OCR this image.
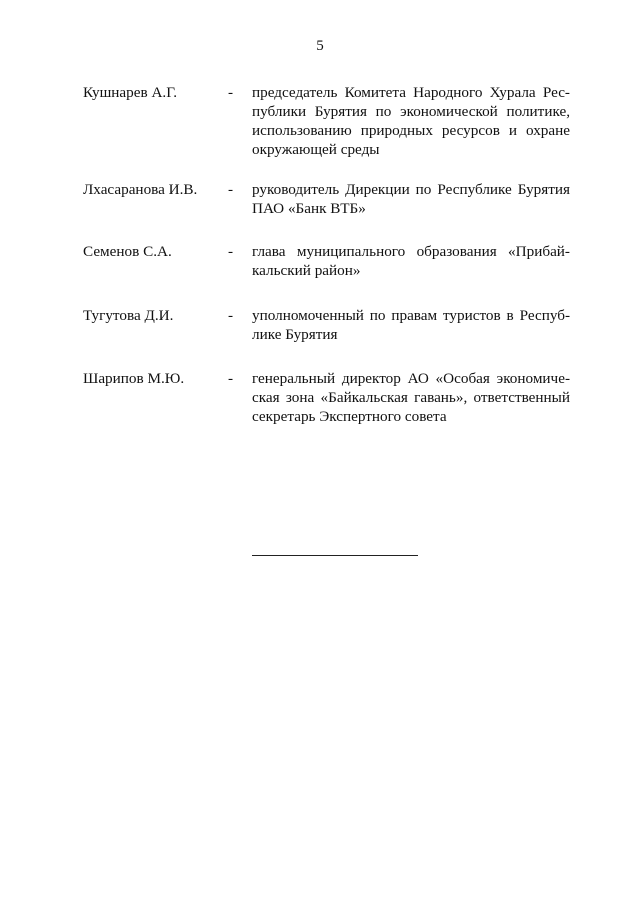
5
Кушнарев А.Г.	- председатель Комитета Народного Хурала Рес-
публики Бурятия по экономической политике,
использованию природных ресурсов и охране
окружающей среды
Лхасаранова И.В. - руководитель Дирекции по Республике Бурятия
ПАО «Банк ВТБ»
Семенов С.А.	- глава муниципального образования «Прибай-
кальский район»
Тугутова Д.И.	- уполномоченный по правам туристов в Респуб-
лике Бурятия
Шарипов М.Ю.	- генеральный директор АО «Особая экономиче-
ская зона «Байкальская гавань», ответственный
секретарь Экспертного совета
